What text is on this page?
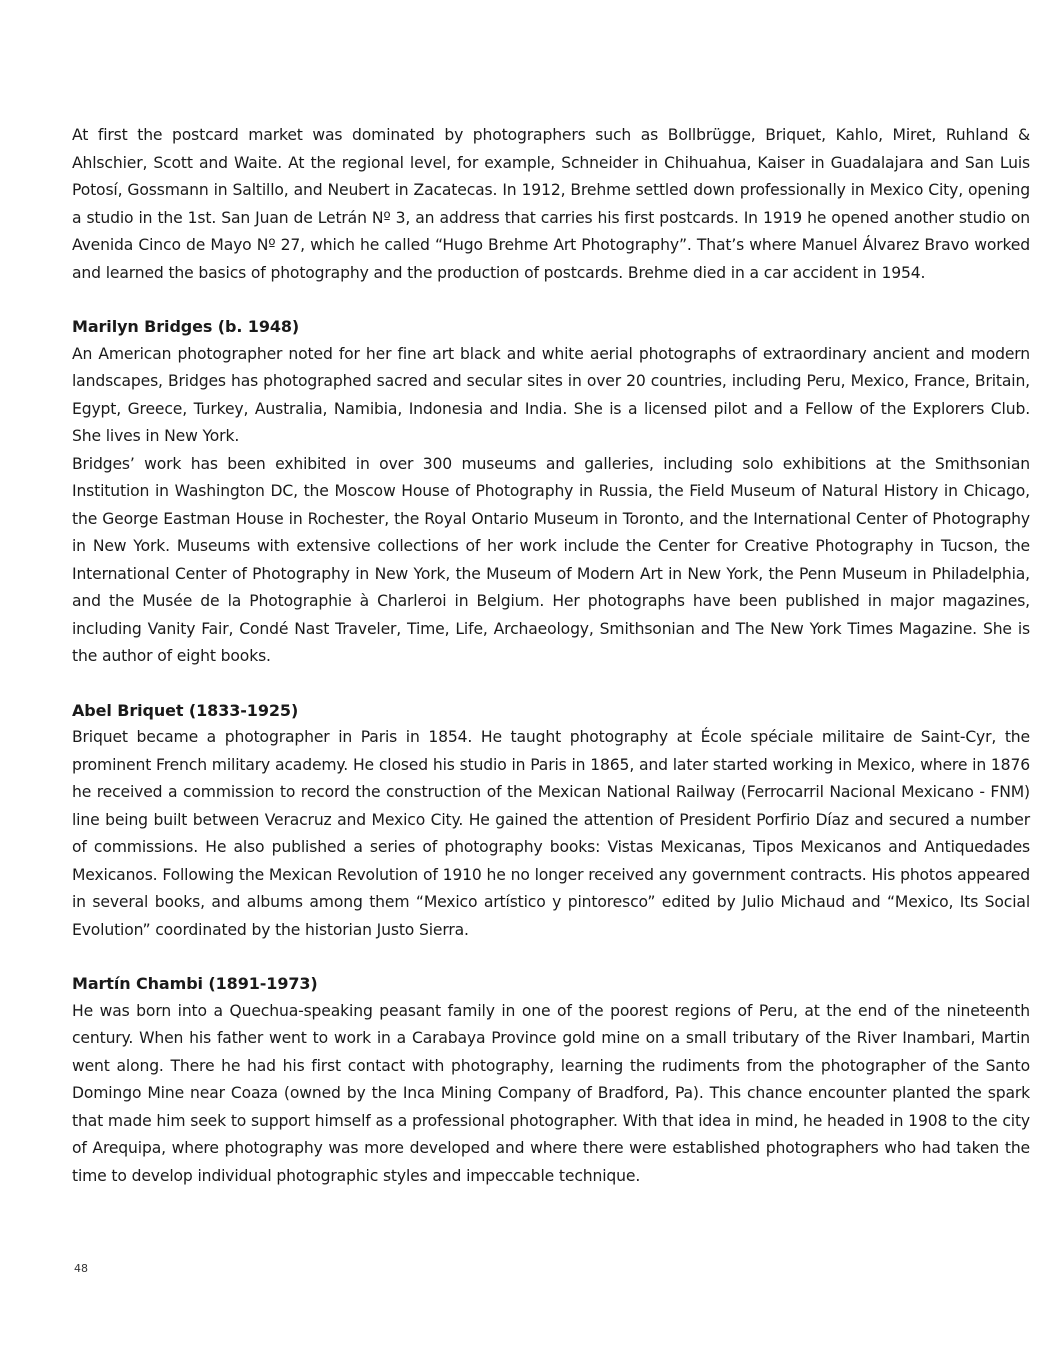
At first the postcard market was dominated by photographers such as Bollbrügge, Briquet, Kahlo, Miret, Ruhland & Ahlschier, Scott and Waite. At the regional level, for example, Schneider in Chihuahua, Kaiser in Guadalajara and San Luis Potosí, Gossmann in Saltillo, and Neubert in Zacatecas. In 1912, Brehme settled down professionally in Mexico City, opening a studio in the 1st. San Juan de Letrán Nº 3, an address that carries his first postcards. In 1919 he opened another studio on Avenida Cinco de Mayo Nº 27, which he called “Hugo Brehme Art Photography”. That’s where Manuel Álvarez Bravo worked and learned the basics of photography and the production of postcards. Brehme died in a car accident in 1954.

Marilyn Bridges (b. 1948)

An American photographer noted for her fine art black and white aerial photographs of extraordinary ancient and modern landscapes, Bridges has photographed sacred and secular sites in over 20 countries, including Peru, Mexico, France, Britain, Egypt, Greece, Turkey, Australia, Namibia, Indonesia and India. She is a licensed pilot and a Fellow of the Explorers Club. She lives in New York.

Bridges’ work has been exhibited in over 300 museums and galleries, including solo exhibitions at the Smithsonian Institution in Washington DC, the Moscow House of Photography in Russia, the Field Museum of Natural History in Chicago, the George Eastman House in Rochester, the Royal Ontario Museum in Toronto, and the International Center of Photography in New York. Museums with extensive collections of her work include the Center for Creative Photography in Tucson, the International Center of Photography in New York, the Museum of Modern Art in New York, the Penn Museum in Philadelphia, and the Musée de la Photographie à Charleroi in Belgium. Her photographs have been published in major magazines, including Vanity Fair, Condé Nast Traveler, Time, Life, Archaeology, Smithsonian and The New York Times Magazine. She is the author of eight books.

Abel Briquet (1833-1925)

Briquet became a photographer in Paris in 1854. He taught photography at École spéciale militaire de Saint-Cyr, the prominent French military academy. He closed his studio in Paris in 1865, and later started working in Mexico, where in 1876 he received a commission to record the construction of the Mexican National Railway (Ferrocarril Nacional Mexicano - FNM) line being built between Veracruz and Mexico City. He gained the attention of President Porfirio Díaz and secured a number of commissions. He also published a series of photography books: Vistas Mexicanas, Tipos Mexicanos and Antiquedades Mexicanos. Following the Mexican Revolution of 1910 he no longer received any government contracts. His photos appeared in several books, and albums among them “Mexico artístico y pintoresco” edited by Julio Michaud and “Mexico, Its Social Evolution” coordinated by the historian Justo Sierra.

Martín Chambi (1891-1973)

He was born into a Quechua-speaking peasant family in one of the poorest regions of Peru, at the end of the nineteenth century. When his father went to work in a Carabaya Province gold mine on a small tributary of the River Inambari, Martin went along. There he had his first contact with photography, learning the rudiments from the photographer of the Santo Domingo Mine near Coaza (owned by the Inca Mining Company of Bradford, Pa). This chance encounter planted the spark that made him seek to support himself as a professional photographer. With that idea in mind, he headed in 1908 to the city of Arequipa, where photography was more developed and where there were established photographers who had taken the time to develop individual photographic styles and impeccable technique.

48
